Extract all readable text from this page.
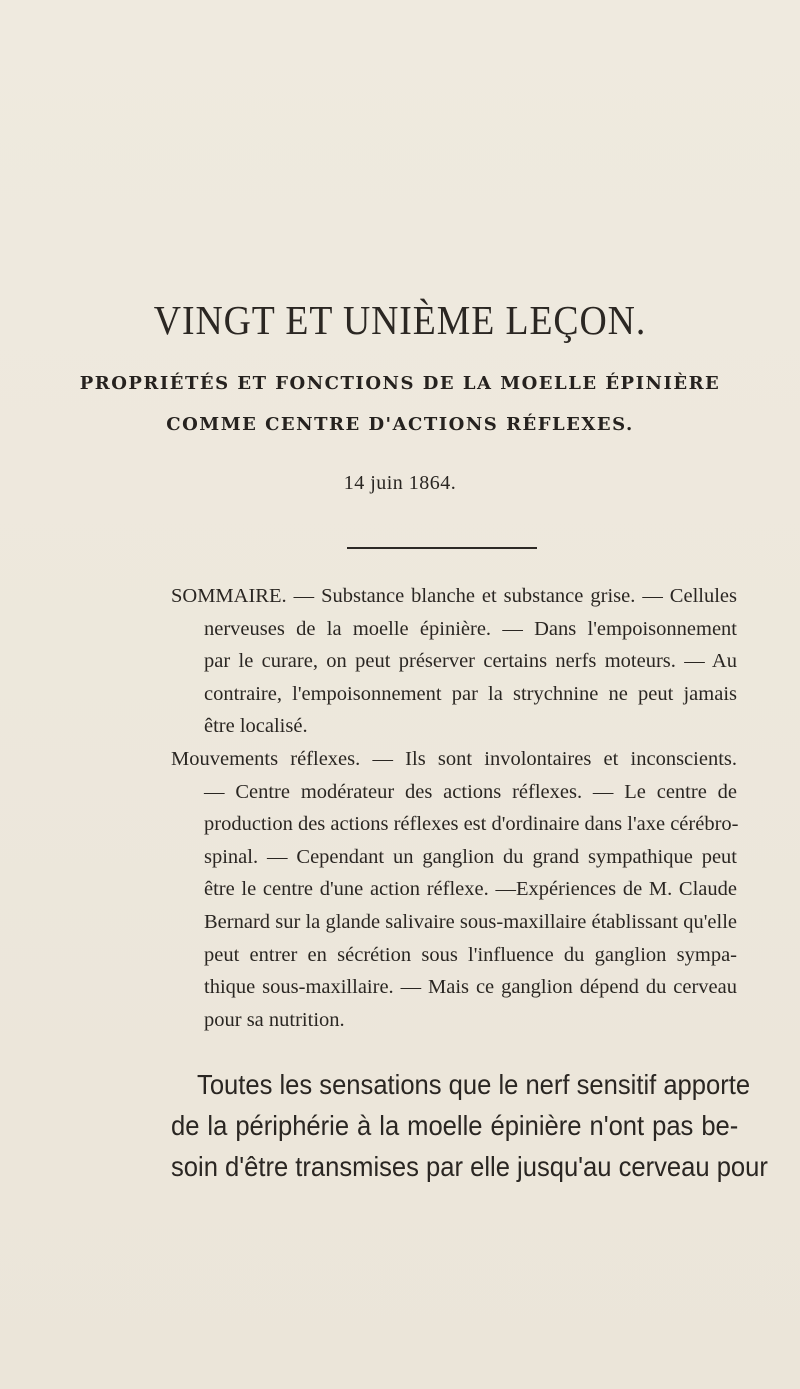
VINGT ET UNIÈME LEÇON.
PROPRIÉTÉS ET FONCTIONS DE LA MOELLE ÉPINIÈRE
COMME CENTRE D'ACTIONS RÉFLEXES.
14 juin 1864.
SOMMAIRE. — Substance blanche et substance grise. — Cellules
nerveuses de la moelle épinière. — Dans l'empoisonnement
par le curare, on peut préserver certains nerfs moteurs. — Au
contraire, l'empoisonnement par la strychnine ne peut jamais
être localisé.
Mouvements réflexes. — Ils sont involontaires et inconscients.
— Centre modérateur des actions réflexes. — Le centre de
production des actions réflexes est d'ordinaire dans l'axe cérébro-
spinal. — Cependant un ganglion du grand sympathique peut
être le centre d'une action réflexe. —Expériences de M. Claude
Bernard sur la glande salivaire sous-maxillaire établissant qu'elle
peut entrer en sécrétion sous l'influence du ganglion sympa-
thique sous-maxillaire. — Mais ce ganglion dépend du cerveau
pour sa nutrition.
Toutes les sensations que le nerf sensitif apporte
de la périphérie à la moelle épinière n'ont pas be-
soin d'être transmises par elle jusqu'au cerveau pour
